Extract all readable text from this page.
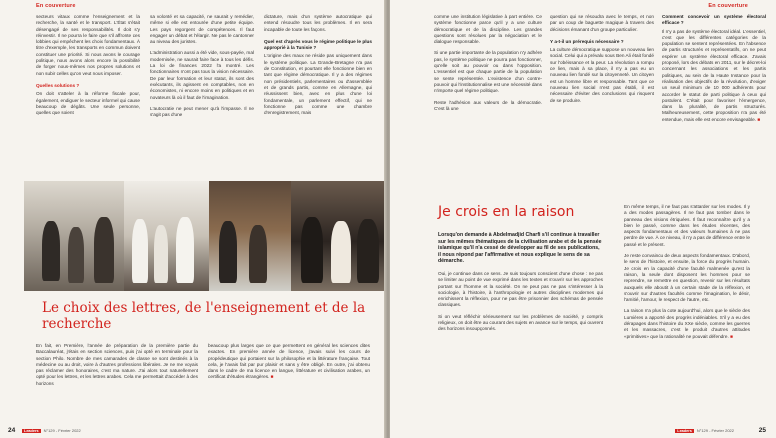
En couverture

secteurs vitaux comme l'enseignement et la recherche, la santé et le transport. L'État s'était désengagé de ses responsabilités. Il doit s'y réinvestir. Il ne pourra le faire que s'il affronte ces lobbies qui empêchent les choix fondamentaux. À titre d'exemple, les transports en commun doivent constituer une priorité. Si nous avons le courage politique, nous avons alors encore la possibilité de forger nous-mêmes nos propres solutions et non subir celles qu'on veut nous imposer.

Quelles solutions ?

On doit s'atteler à la réforme fiscale pour, également, endiguer le secteur informel qui cause beaucoup de dégâts. Une seule personne, quelles que soient

sa volonté et sa capacité, ne saurait y remédier, même si elle est entourée d'une petite équipe. Les pays regorgent de compétences. Il faut engager un débat et l'élargir. Ne pas le cantonner au niveau des juristes.

L'administration aussi a été vide, sous-payée, mal modernisée, ne saurait faire face à tous les défis. La loi de finances 2022 l'a montré. Les fonctionnaires n'ont pas tous la vision nécessaire. De par leur formation et leur statut, ils sont des exécutants, ils agissent en comptables, non en économistes, ni encore moins en politiques et en novateurs là où il faut de l'imagination.

L'autocratie ne peut mener qu'à l'impasse. Il ne s'agit pas d'une

dictature, mais d'un système autocratique qui entend résoudre tous les problèmes. Il en sera incapable de toute les façons.

Quel est d'après vous le régime politique le plus approprié à la Tunisie ?

L'origine des maux ne réside pas uniquement dans le système politique. La Grande-Bretagne n'a pas de Constitution, et pourtant elle fonctionne bien en tant que régime démocratique. Il y a des régimes non présidentiels, parlementaires ou d'assemblée et de grands partis, comme en Allemagne, qui réussissent bien, avec en plus d'une loi fondamentale, un parlement effectif, qui ne fonctionne pas comme une chambre d'enregistrement, mais

Le choix des lettres, de l'enseignement et de la recherche

En fait, en Première, l'année de préparation de la première partie du Baccalauréat, j'étais en section sciences, puis j'ai opté en terminale pour la section Philo. Nombre de mes camarades de classe se sont destinés à la médecine ou au droit, voire à d'autres professions libérales. Je ne me voyais pas réclamer des honoraires, c'est ma nature. J'ai alors tout naturellement opté pour les lettres, et les lettres arabes. Cela me permettait d'accéder à des horizons

beaucoup plus larges que ce que permettent en général les sciences dites exactes. En première année de licence, j'avais suivi les cours de propédeutique qui portaient sur la philosophie et la littérature française. Tout cela, je l'avais fait par pur plaisir et sans y être obligé. En outre, j'ai obtenu dans le cadre de ma licence en langue, littérature et civilisation arabes, un certificat d'études étrangères. ■

24	Leaders N°129 - Février 2022
En couverture

comme une institution législative à part entière. Ce système fonctionne parce qu'il y a une culture démocratique et de la discipline. Les grandes questions sont résolues par la négociation et le dialogue responsable.

Si une partie importante de la population n'y adhère pas, le système politique ne pourra pas fonctionner, qu'elle soit au pouvoir ou dans l'opposition. L'essentiel est que chaque partie de la population se sente représentée. L'existence d'un contre-pouvoir qui l'institutionnalise est une nécessité dans n'importe quel régime politique.

Reste l'adhésion aux valeurs de la démocratie. C'est là une

question qui se résoudra avec le temps, et non par un coup de baguette magique à travers des décisions émanant d'un groupe particulier.

Y a-t-il un prérequis nécessaire ?

La culture démocratique suppose un nouveau lien social. Celui qui a prévalu sous Ben Ali était fondé sur l'obéissance et la peur. La révolution a rompu ce lien, mais à sa place, il n'y a pas eu un nouveau lien fondé sur la citoyenneté. Un citoyen est un homme libre et responsable. Tant que ce nouveau lien social n'est pas établi, il est nécessaire d'éviter des conclusions qui risquent de se produire.

Comment concevoir un système électoral efficace ?

Il n'y a pas de système électoral idéal. L'essentiel, c'est que les différentes catégories de la population se sentent représentées. En l'absence de partis structurés et représentatifs, on ne peut espérer un système électoral efficace. J'avais proposé, lors des débats en 2011, sur le décret-loi concernant les associations et les partis politiques, au sein de la Haute Instance pour la réalisation des objectifs de la révolution, d'exiger un seuil minimum de 10 000 adhérents pour accorder le statut de parti politique à ceux qui postulent. C'était pour favoriser l'émergence, dans la pluralité, de partis structurés. Malheureusement, cette proposition n'a pas été entendue, mais elle est encore envisageable. ■

Je crois en la raison
Lorsqu'on demande à Abdelmadjid Charfi s'il continue à travailler sur les mêmes thématiques de la civilisation arabe et de la pensée islamique qu'il n'a cessé de développer au fil de ses publications, il nous répond par l'affirmative et nous explique le sens de sa démarche.

Oui, je continue dans ce sens. Je suis toujours conscient d'une chose : ne pas se limiter au point de vue exprimé dans les textes et s'ouvrir sur les approches portant sur l'homme et la société. On ne peut pas ne pas s'intéresser à la sociologie, à l'histoire, à l'anthropologie et autres disciplines modernes qui enrichissent la réflexion, pour ne pas être prisonnier des schémas de pensée classiques.

Si on veut réfléchir sérieusement sur les problèmes de société, y compris religieux, on doit être au courant des sujets en avance sur le temps, qui ouvrent des horizons insoupçonnés.

En même temps, il ne faut pas s'attarder sur les modes. Il y a des modes passagères. Il ne faut pas tomber dans le panneau des visions étriquées. Il faut reconnaître qu'il y a bien le passé, comme dans les études récentes, des aspects fondamentaux et des valeurs humaines à ne pas perdre de vue. À ce niveau, il n'y a pas de différence entre le passé et le présent.

Je reste convaincu de deux aspects fondamentaux. D'abord, le sens de l'histoire, et ensuite, la force du progrès humain. Je crois en la capacité d'une faculté malmenée qu'est la raison, la seule dont disposent les hommes pour se reprendre, se remettre en question, revenir sur les résultats auxquels elle aboutit à un certain stade de la réflexion, et s'ouvrir sur d'autres facultés comme l'imagination, le désir, l'amitié, l'amour, le respect de l'autre, etc.

La raison n'a plus la cote aujourd'hui, alors que le siècle des Lumières a apporté des progrès indéniables. S'il y a eu des dérapages dans l'histoire du XXe siècle, comme les guerres et les massacres, c'est le produit d'autres attitudes «primitives» que la rationalité ne pouvait défendre. ■

Leaders N°129 - Février 2022	25
